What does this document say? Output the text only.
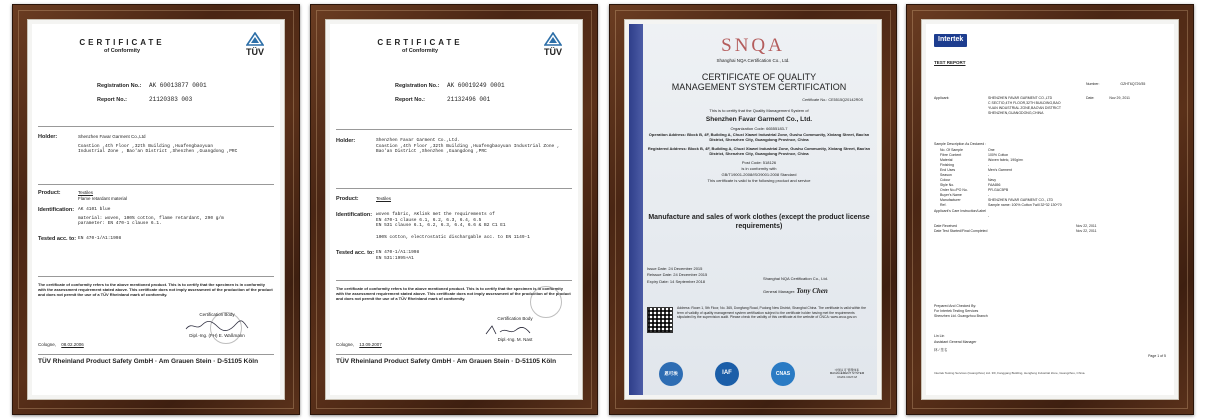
CERTIFICATE
of Conformity	TÜV
Registration No.: AK 60013877 0001
Report No.:	21120383 003
Holder:	Shenzhen Favar Garment Co.,Ltd
Coastion ,4th Floor ,32th Building ,Huafengbaoyuan
Industrial Zone , Bao'an District ,Shenzhen ,Guangdong ,PRC
Product:	Textiles
Flame retardant material
Identification: AK 4101 blue
material: woven, 100% cotton, flame retardant, 290 g/m
parameter: EN 470-1 clause 6.1.
Tested acc. to: EN 470-1/A1:1998
The certificate of conformity refers to the above mentioned product. This is to certify that the specimen is in conformity with the assessment requirement stated above. This certificate does not imply assessment of the production of the product and does not permit the use of a TÜV Rheinland mark of conformity.
Certification Body
Dipl.-Ing. (FH) E. Waßmann
Cologne, 08.02.2006
TÜV Rheinland Product Safety GmbH · Am Grauen Stein · D-51105 Köln
CERTIFICATE
of Conformity	TÜV
Registration No.: AK 60019249 0001
Report No.:	21132496 001
Holder:	Shenzhen Favar Garment Co.,Ltd.
Coastion ,4th Floor ,32th Building ,Huafengbaoyuan Industrial Zone ,
Bao'an District ,Shenzhen ,Guangdong ,PRC
Product:	Textiles
Identification: woven fabric, AKlink met the requirements of
EN 470-1 clause 6.1, 6.2, 6.3, 6.4, 6.5
EN 531 clause 6.1, 6.2, 6.3, 6.4, 6.6 & B2 C1 E1
100% cotton, electrostatic dischargable acc. to EN 1149-1
Tested acc. to: EN 470-1/A1:1998
EN 531:1995+A1
The certificate of conformity refers to the above mentioned product. This is to certify that the specimen is in conformity with the assessment requirement stated above. This certificate does not imply assessment of the production of the product and does not permit the use of a TÜV Rheinland mark of conformity.
Certification Body
Dipl.-Ing. M. Nast
Cologne, 13.09.2007
TÜV Rheinland Product Safety GmbH · Am Grauen Stein · D-51105 Köln
SNQA
Shanghai NQA Certification Co., Ltd.
CERTIFICATE OF QUALITY
MANAGEMENT SYSTEM CERTIFICATION
Certificate No.: CE5515Q20142R0S
This is to certify that the Quality Management System of
Shenzhen Favar Garment Co., Ltd.
Organization Code: 66555183-7
Operation Address: Block B, 4F, Building A, Chuxi Xiawei Industrial Zone, Gushu Community, Xixiang Street, Bao'an District, Shenzhen City, Guangdong Province, China
Registered Address: Block B, 4F, Building A, Chuxi Xiawei Industrial Zone, Gushu Community, Xixiang Street, Bao'an District, Shenzhen City, Guangdong Province, China
Post Code: 518126
is in conformity with
GB/T19001-2008/ISO9001:2008 Standard
This certificate is valid to the following product and service
Manufacture and sales of work clothes (except the product license requirements)
Issue Date: 24 December 2015
Reissue Date: 24 December 2015
Expiry Date: 14 September 2018
Shanghai NQA Certification Co., Ltd.
General Manager: Tony Chen
Address: Room 1, 5th Floor, No. 365, Dongfang Road, Pudong New District, Shanghai China. The certificate is valid within the term of validity of quality management system certification subject to the certificate holder having met the requirements stipulated by the supervision audit. Please check the validity of this certificate at the website of CNCA: www.cnca.gov.cn
恩可埃	IAF	CNAS
中国认可 管理体系 MANAGEMENT SYSTEM CNAS C027-M
Intertek
TEST REPORT
Number:	GZHT6Q729/35
Applicant:	SHENZHEN FAVAR GARMENT CO.,LTD
C SECTIO,4TH FLOOR,32TH BUILDING,BAO
YUAN INDUSTRIAL ZONE,BAO'AN DISTRICT
SHENZHEN,GUANGDONG,CHINA
Date:	Nov 29, 2011
Sample Description As Declared :
No. Of Sample	One
Fibre Content	100% Cotton
Material	Woven fabric, 190g/m²
Finishing	-
End Uses	Men's Garment
Season	-
Colour	Navy
Style No.	FAA656
Order No./PO No.	PR-GAC5PB
Buyer's Name	-
Manufacturer	SHENZHEN FAVAR GARMENT CO., LTD
Ref.	Sample name: 100% Cotton Twill 32*32 130*70
Applicant's Care Instruction/Label
-
Date Received	Nov 22, 2011
Date Test Started/Final Completed	Nov 22, 2011
Prepared And Checked By:
For Intertek Testing Services
Shenzhen Ltd. Guangzhou Branch
Lin Lin
Assistant General Manager
林 / 签名
Page 1 of 5
Intertek Testing Services (Guangzhou) Ltd. 3/F, Fanggang Building, Hengfeng Industrial Zone, Guangzhou, China.
